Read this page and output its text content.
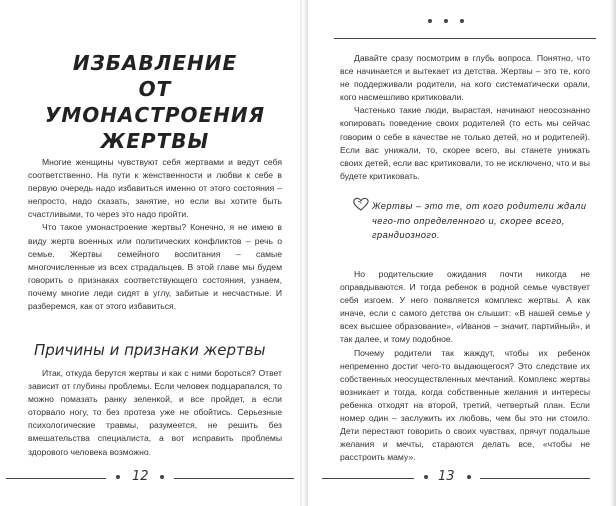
ИЗБАВЛЕНИЕ
ОТ УМОНАСТРОЕНИЯ
ЖЕРТВЫ

Многие женщины чувствуют себя жертвами и ведут себя соответственно. На пути к женственности и любви к себе в первую очередь надо избавиться именно от этого состояния – непросто, надо сказать, занятие, но если вы хотите быть счастливыми, то через это надо пройти.

Что такое умонастроение жертвы? Конечно, я не имею в виду жертв военных или политических конфликтов – речь о семье. Жертвы семейного воспитания – самые многочисленные из всех страдальцев. В этой главе мы будем говорить о признаках соответствующего состояния, узнаем, почему многие леди сидят в углу, забитые и несчастные. И разберемся, как от этого избавиться.

Причины и признаки жертвы

Итак, откуда берутся жертвы и как с ними бороться? Ответ зависит от глубины проблемы. Если человек подцарапался, то можно помазать ранку зеленкой, и все пройдет, а если оторвало ногу, то без протеза уже не обойтись. Серьезные психологические травмы, разумеется, не решить без вмешательства специалиста, а вот исправить проблемы здорового человека возможно.

12

Давайте сразу посмотрим в глубь вопроса. Понятно, что все начинается и вытекает из детства. Жертвы – это те, кого не поддерживали родители, на кого систематически орали, кого насмешливо критиковали.

Частенько такие люди, вырастая, начинают неосознанно копировать поведение своих родителей (то есть мы сейчас говорим о себе в качестве не только детей, но и родителей). Если вас унижали, то, скорее всего, вы станете унижать своих детей, если вас критиковали, то не исключено, что и вы будете критиковать.

Жертвы – это те, от кого родители ждали чего-то определенного и, скорее всего, грандиозного.

Но родительские ожидания почти никогда не оправдываются. И тогда ребенок в родной семье чувствует себя изгоем. У него появляется комплекс жертвы. А как иначе, если с самого детства он слышит: «В нашей семье у всех высшее образование», «Иванов – значит, партийный», и так далее, и тому подобное.

Почему родители так жаждут, чтобы их ребенок непременно достиг чего-то выдающегося? Это следствие их собственных неосуществленных мечтаний. Комплекс жертвы возникает и тогда, когда собственные желания и интересы ребенка отходят на второй, третий, четвертый план. Если номер один – заслужить их любовь, чем бы это ни стоило. Дети перестают говорить о своих чувствах, прячут подальше желания и мечты, стараются делать все, «чтобы не расстроить маму».

13
